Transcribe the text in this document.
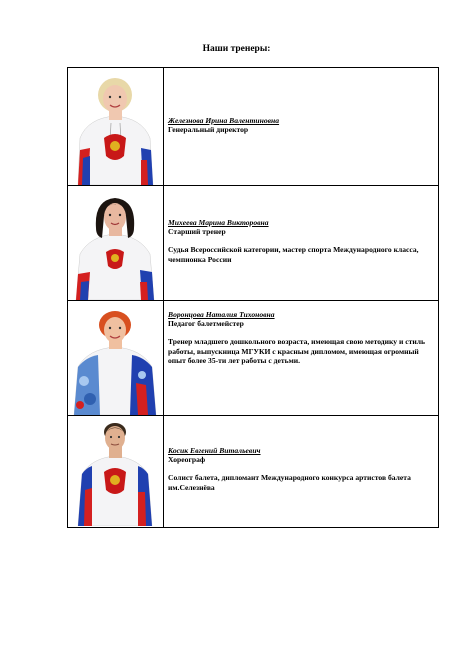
Наши тренеры:
Железнова Ирина Валентиновна
Генеральный директор
Михеева Марина Викторовна
Старший тренер
Судья Всероссийской категории, мастер спорта Международного класса, чемпионка России
Воронцова Наталия Тихоновна
Педагог балетмейстер
Тренер младшего дошкольного возраста, имеющая свою методику и стиль работы, выпускница МГУКИ с красным дипломом, имеющая огромный опыт более 35-ти лет работы с детьми.
Косик Евгений Витальевич
Хореограф
Солист балета, дипломант Международного конкурса артистов балета им.Селезнёва
